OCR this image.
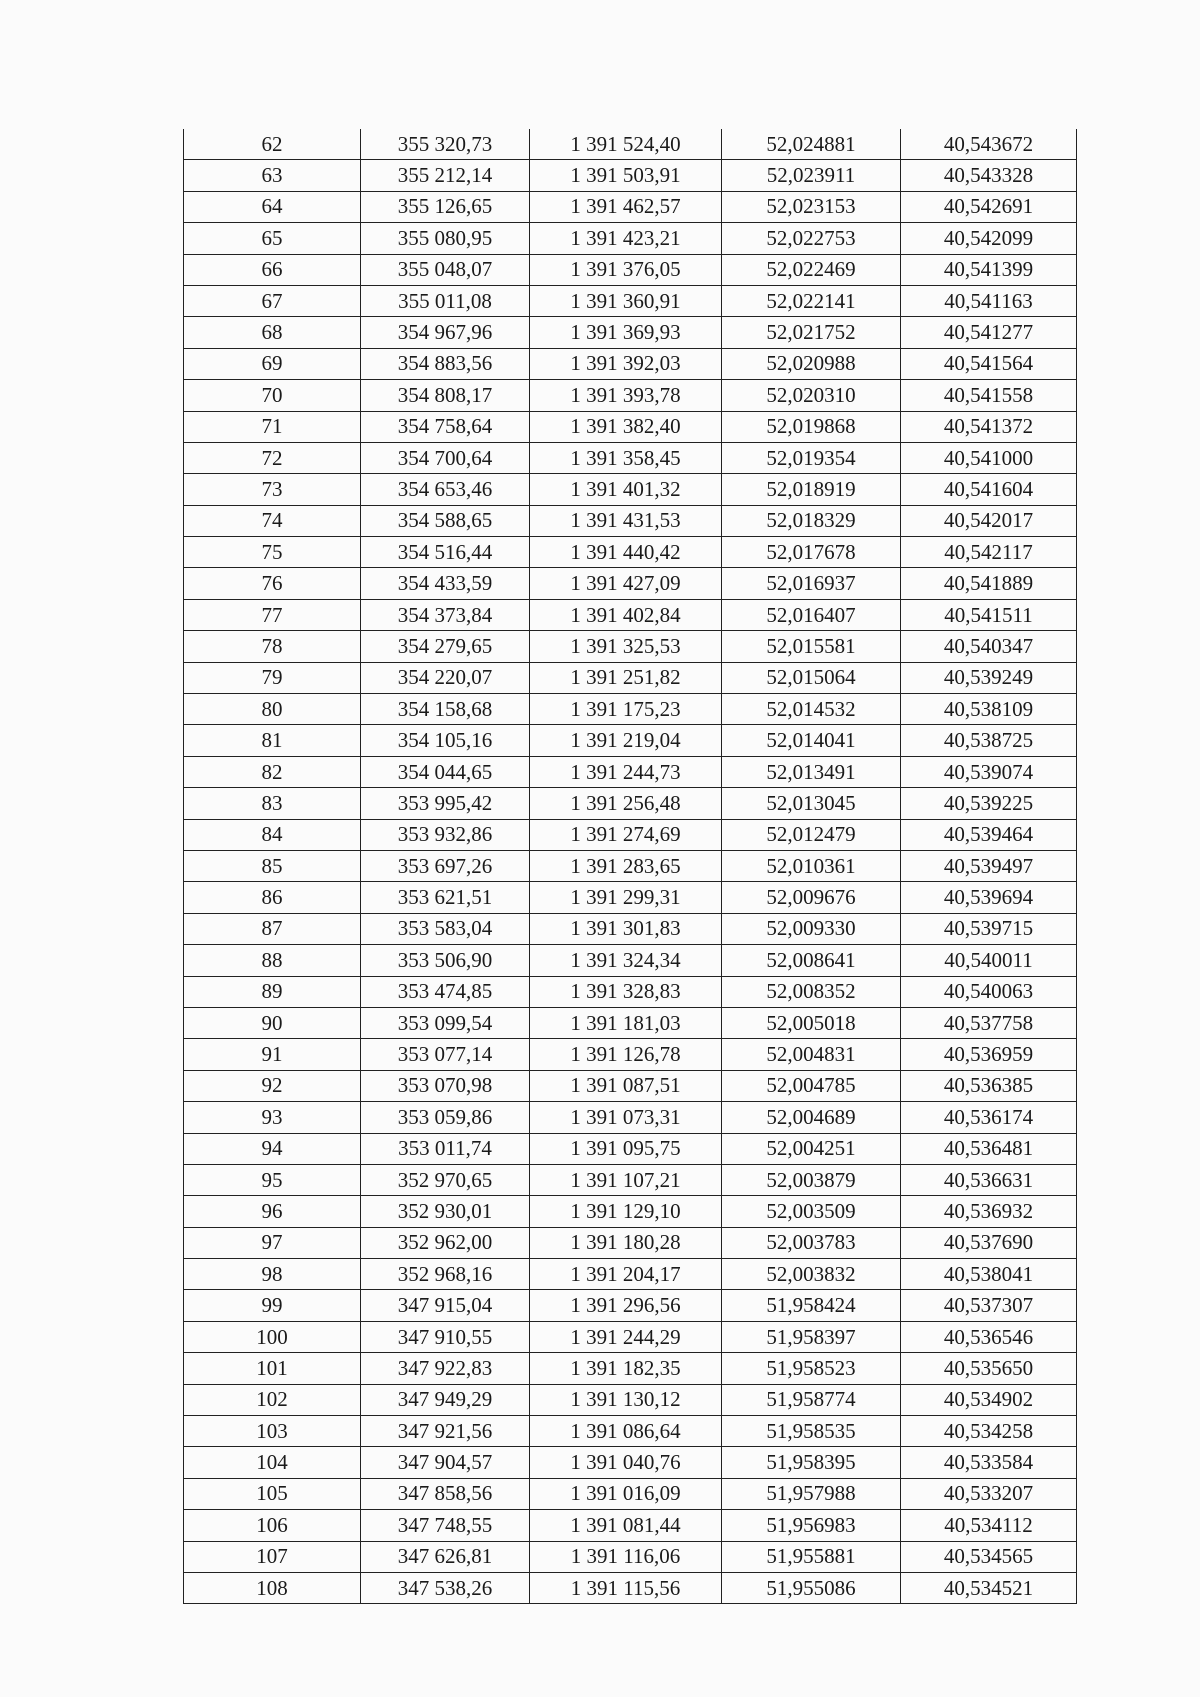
62	355 320,73	1 391 524,40	52,024881	40,543672
63	355 212,14	1 391 503,91	52,023911	40,543328
64	355 126,65	1 391 462,57	52,023153	40,542691
65	355 080,95	1 391 423,21	52,022753	40,542099
66	355 048,07	1 391 376,05	52,022469	40,541399
67	355 011,08	1 391 360,91	52,022141	40,541163
68	354 967,96	1 391 369,93	52,021752	40,541277
69	354 883,56	1 391 392,03	52,020988	40,541564
70	354 808,17	1 391 393,78	52,020310	40,541558
71	354 758,64	1 391 382,40	52,019868	40,541372
72	354 700,64	1 391 358,45	52,019354	40,541000
73	354 653,46	1 391 401,32	52,018919	40,541604
74	354 588,65	1 391 431,53	52,018329	40,542017
75	354 516,44	1 391 440,42	52,017678	40,542117
76	354 433,59	1 391 427,09	52,016937	40,541889
77	354 373,84	1 391 402,84	52,016407	40,541511
78	354 279,65	1 391 325,53	52,015581	40,540347
79	354 220,07	1 391 251,82	52,015064	40,539249
80	354 158,68	1 391 175,23	52,014532	40,538109
81	354 105,16	1 391 219,04	52,014041	40,538725
82	354 044,65	1 391 244,73	52,013491	40,539074
83	353 995,42	1 391 256,48	52,013045	40,539225
84	353 932,86	1 391 274,69	52,012479	40,539464
85	353 697,26	1 391 283,65	52,010361	40,539497
86	353 621,51	1 391 299,31	52,009676	40,539694
87	353 583,04	1 391 301,83	52,009330	40,539715
88	353 506,90	1 391 324,34	52,008641	40,540011
89	353 474,85	1 391 328,83	52,008352	40,540063
90	353 099,54	1 391 181,03	52,005018	40,537758
91	353 077,14	1 391 126,78	52,004831	40,536959
92	353 070,98	1 391 087,51	52,004785	40,536385
93	353 059,86	1 391 073,31	52,004689	40,536174
94	353 011,74	1 391 095,75	52,004251	40,536481
95	352 970,65	1 391 107,21	52,003879	40,536631
96	352 930,01	1 391 129,10	52,003509	40,536932
97	352 962,00	1 391 180,28	52,003783	40,537690
98	352 968,16	1 391 204,17	52,003832	40,538041
99	347 915,04	1 391 296,56	51,958424	40,537307
100	347 910,55	1 391 244,29	51,958397	40,536546
101	347 922,83	1 391 182,35	51,958523	40,535650
102	347 949,29	1 391 130,12	51,958774	40,534902
103	347 921,56	1 391 086,64	51,958535	40,534258
104	347 904,57	1 391 040,76	51,958395	40,533584
105	347 858,56	1 391 016,09	51,957988	40,533207
106	347 748,55	1 391 081,44	51,956983	40,534112
107	347 626,81	1 391 116,06	51,955881	40,534565
108	347 538,26	1 391 115,56	51,955086	40,534521
